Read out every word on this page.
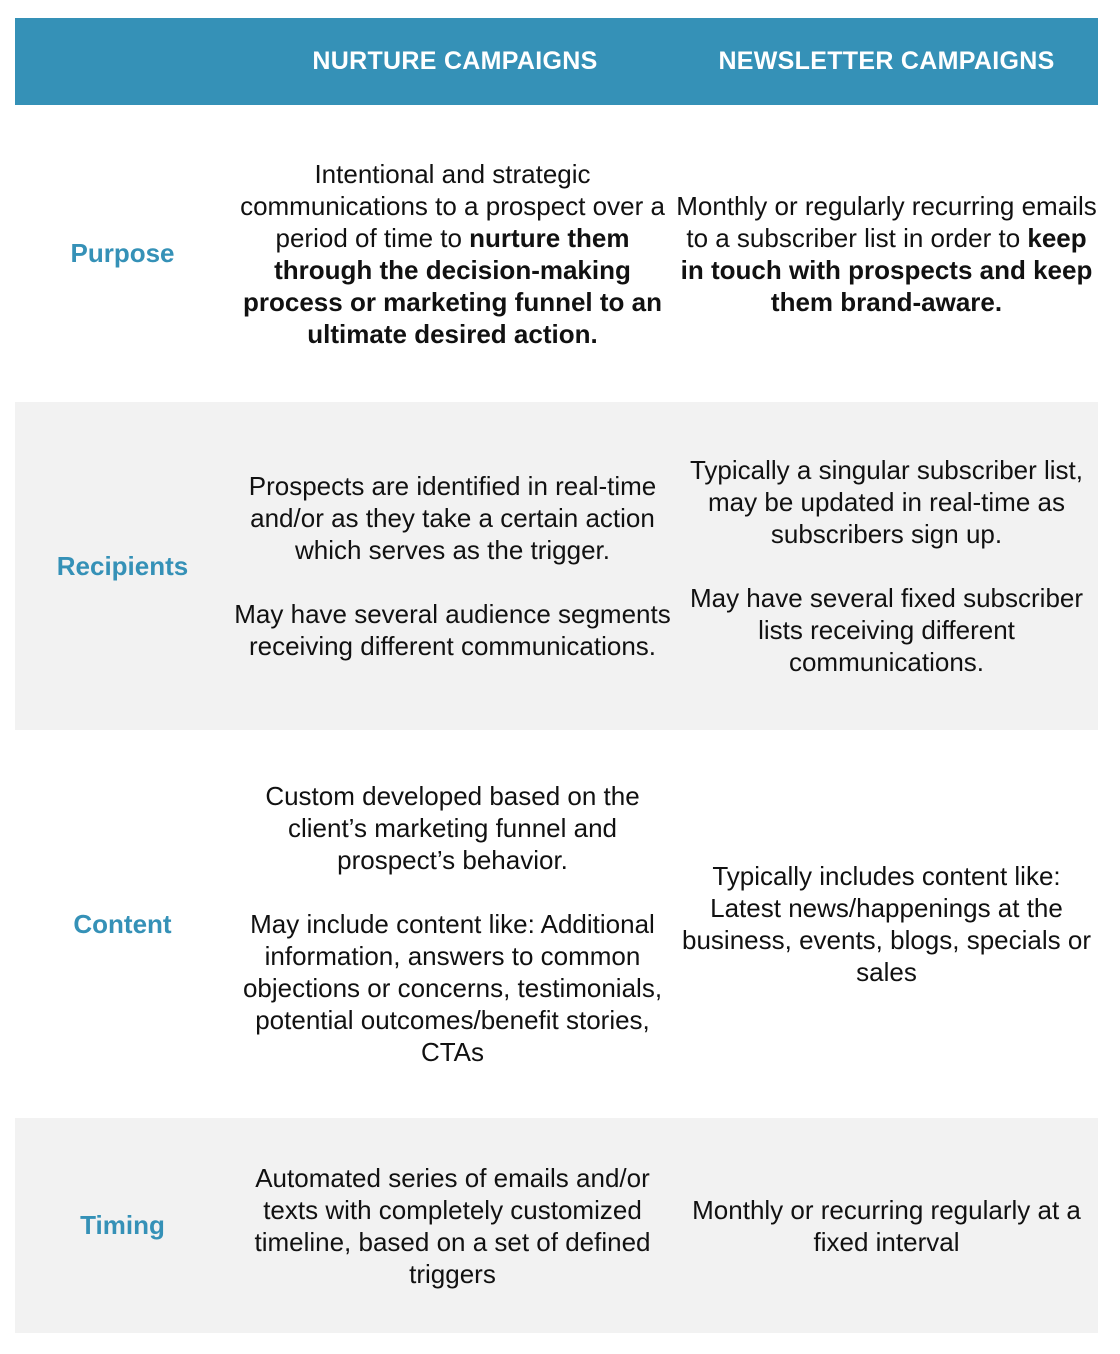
NURTURE CAMPAIGNS	NEWSLETTER CAMPAIGNS
Purpose
Intentional and strategic communications to a prospect over a period of time to nurture them through the decision-making process or marketing funnel to an ultimate desired action.
Monthly or regularly recurring emails to a subscriber list in order to keep in touch with prospects and keep them brand-aware.
Recipients
Prospects are identified in real-time and/or as they take a certain action which serves as the trigger.
May have several audience segments receiving different communications.
Typically a singular subscriber list, may be updated in real-time as subscribers sign up.
May have several fixed subscriber lists receiving different communications.
Content
Custom developed based on the client’s marketing funnel and prospect’s behavior.
May include content like: Additional information, answers to common objections or concerns, testimonials, potential outcomes/benefit stories, CTAs
Typically includes content like: Latest news/happenings at the business, events, blogs, specials or sales
Timing
Automated series of emails and/or texts with completely customized timeline, based on a set of defined triggers
Monthly or recurring regularly at a fixed interval
